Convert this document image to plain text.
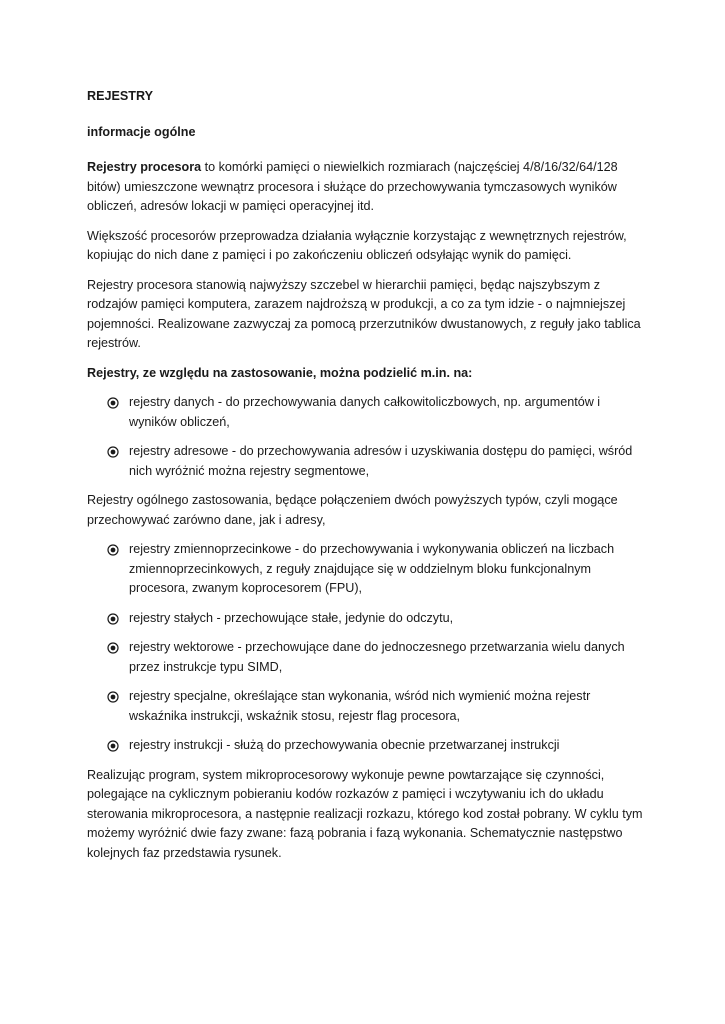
REJESTRY

informacje ogólne

Rejestry procesora to komórki pamięci o niewielkich rozmiarach (najczęściej 4/8/16/32/64/128 bitów) umieszczone wewnątrz procesora i służące do przechowywania tymczasowych wyników obliczeń, adresów lokacji w pamięci operacyjnej itd.

Większość procesorów przeprowadza działania wyłącznie korzystając z wewnętrznych rejestrów, kopiując do nich dane z pamięci i po zakończeniu obliczeń odsyłając wynik do pamięci.

Rejestry procesora stanowią najwyższy szczebel w hierarchii pamięci, będąc najszybszym z rodzajów pamięci komputera, zarazem najdroższą w produkcji, a co za tym idzie - o najmniejszej pojemności. Realizowane zazwyczaj za pomocą przerzutników dwustanowych, z reguły jako tablica rejestrów.

Rejestry, ze względu na zastosowanie, można podzielić m.in. na:

rejestry danych - do przechowywania danych całkowitoliczbowych, np. argumentów i wyników obliczeń,
rejestry adresowe - do przechowywania adresów i uzyskiwania dostępu do pamięci, wśród nich wyróżnić można rejestry segmentowe,

Rejestry ogólnego zastosowania, będące połączeniem dwóch powyższych typów, czyli mogące przechowywać zarówno dane, jak i adresy,

rejestry zmiennoprzecinkowe - do przechowywania i wykonywania obliczeń na liczbach zmiennoprzecinkowych, z reguły znajdujące się w oddzielnym bloku funkcjonalnym procesora, zwanym koprocesorem (FPU),
rejestry stałych - przechowujące stałe, jedynie do odczytu,
rejestry wektorowe - przechowujące dane do jednoczesnego przetwarzania wielu danych przez instrukcje typu SIMD,
rejestry specjalne, określające stan wykonania, wśród nich wymienić można rejestr wskaźnika instrukcji, wskaźnik stosu, rejestr flag procesora,
rejestry instrukcji - służą do przechowywania obecnie przetwarzanej instrukcji

Realizując program, system mikroprocesorowy wykonuje pewne powtarzające się czynności, polegające na cyklicznym pobieraniu kodów rozkazów z pamięci i wczytywaniu ich do układu sterowania mikroprocesora, a następnie realizacji rozkazu, którego kod został pobrany. W cyklu tym możemy wyróżnić dwie fazy zwane: fazą pobrania i fazą wykonania. Schematycznie następstwo kolejnych faz przedstawia rysunek.
